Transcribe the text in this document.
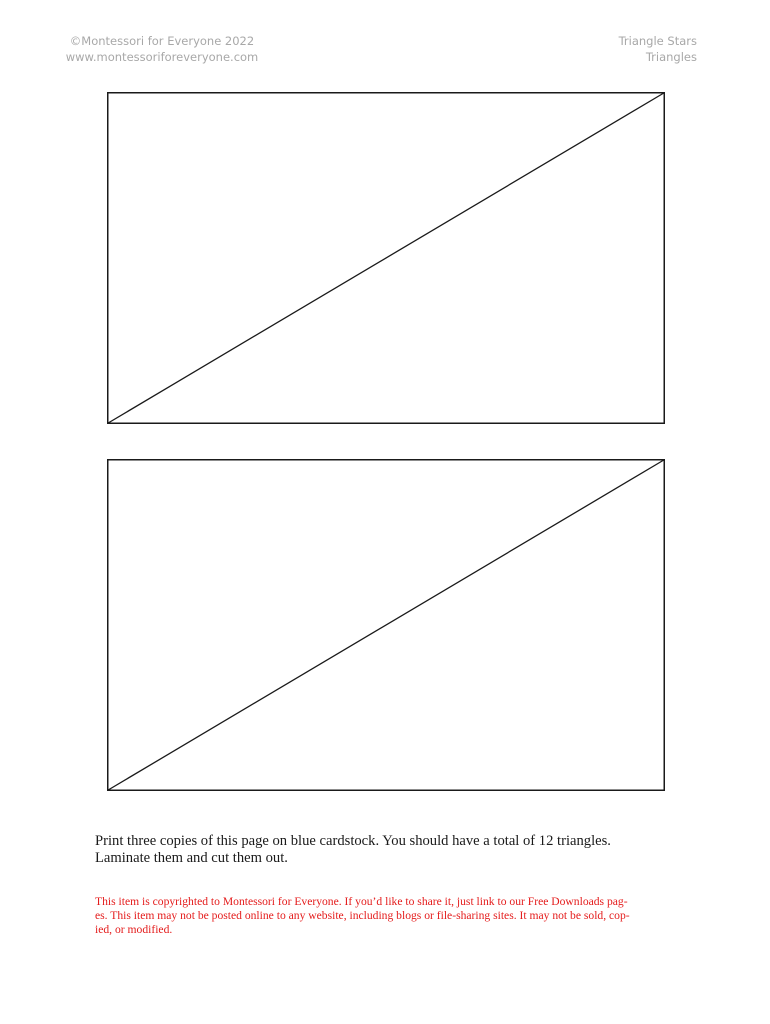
©Montessori for Everyone 2022
www.montessoriforeveryone.com
Triangle Stars
Triangles
Print three copies of this page on blue cardstock. You should have a total of 12 triangles.
Laminate them and cut them out.
This item is copyrighted to Montessori for Everyone. If you’d like to share it, just link to our Free Downloads pag-
es. This item may not be posted online to any website, including blogs or file-sharing sites. It may not be sold, cop-
ied, or modified.
